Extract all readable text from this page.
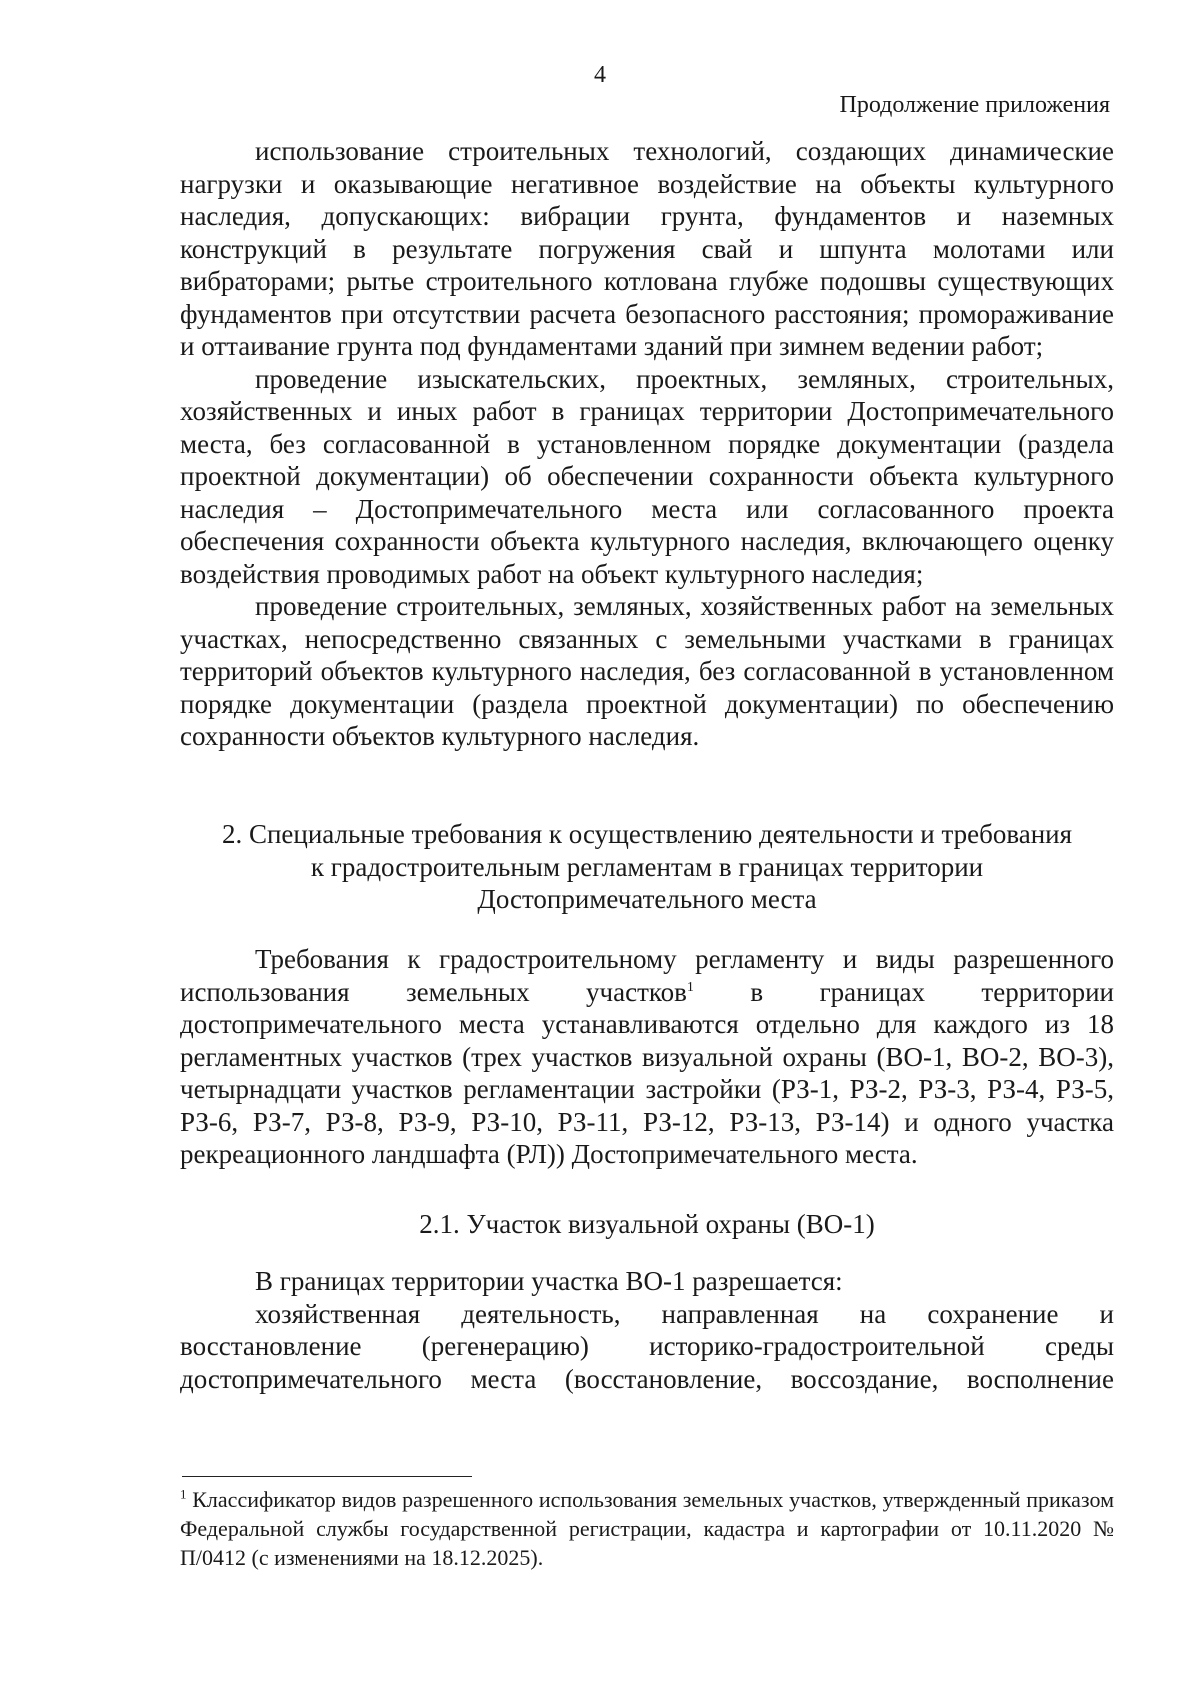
4
Продолжение приложения

использование строительных технологий, создающих динамические нагрузки и оказывающие негативное воздействие на объекты культурного наследия, допускающих: вибрации грунта, фундаментов и наземных конструкций в результате погружения свай и шпунта молотами или вибраторами; рытье строительного котлована глубже подошвы существующих фундаментов при отсутствии расчета безопасного расстояния; проморaживание и оттаивание грунта под фундаментами зданий при зимнем ведении работ;

проведение изыскательских, проектных, земляных, строительных, хозяйственных и иных работ в границах территории Достопримечательного места, без согласованной в установленном порядке документации (раздела проектной документации) об обеспечении сохранности объекта культурного наследия – Достопримечательного места или согласованного проекта обеспечения сохранности объекта культурного наследия, включающего оценку воздействия проводимых работ на объект культурного наследия;

проведение строительных, земляных, хозяйственных работ на земельных участках, непосредственно связанных с земельными участками в границах территорий объектов культурного наследия, без согласованной в установленном порядке документации (раздела проектной документации) по обеспечению сохранности объектов культурного наследия.

2. Специальные требования к осуществлению деятельности и требования
к градостроительным регламентам в границах территории
Достопримечательного места

Требования к градостроительному регламенту и виды разрешенного использования земельных участков$^1$ в границах территории достопримечательного места устанавливаются отдельно для каждого из 18 регламентных участков (трех участков визуальной охраны (ВО-1, ВО-2, ВО-3), четырнадцати участков регламентации застройки (РЗ-1, РЗ-2, РЗ-3, РЗ-4, РЗ-5, РЗ-6, РЗ-7, РЗ-8, РЗ-9, РЗ-10, РЗ-11, РЗ-12, РЗ-13, РЗ-14) и одного участка рекреационного ландшафта (РЛ)) Достопримечательного места.

2.1. Участок визуальной охраны (ВО-1)

В границах территории участка ВО-1 разрешается:

хозяйственная деятельность, направленная на сохранение и восстановление (регенерацию) историко-градостроительной среды достопримечательного места (восстановление, воссоздание, восполнение

$^1$ Классификатор видов разрешенного использования земельных участков, утвержденный приказом Федеральной службы государственной регистрации, кадастра и картографии от 10.11.2020 № П/0412 (с изменениями на 18.12.2025).
